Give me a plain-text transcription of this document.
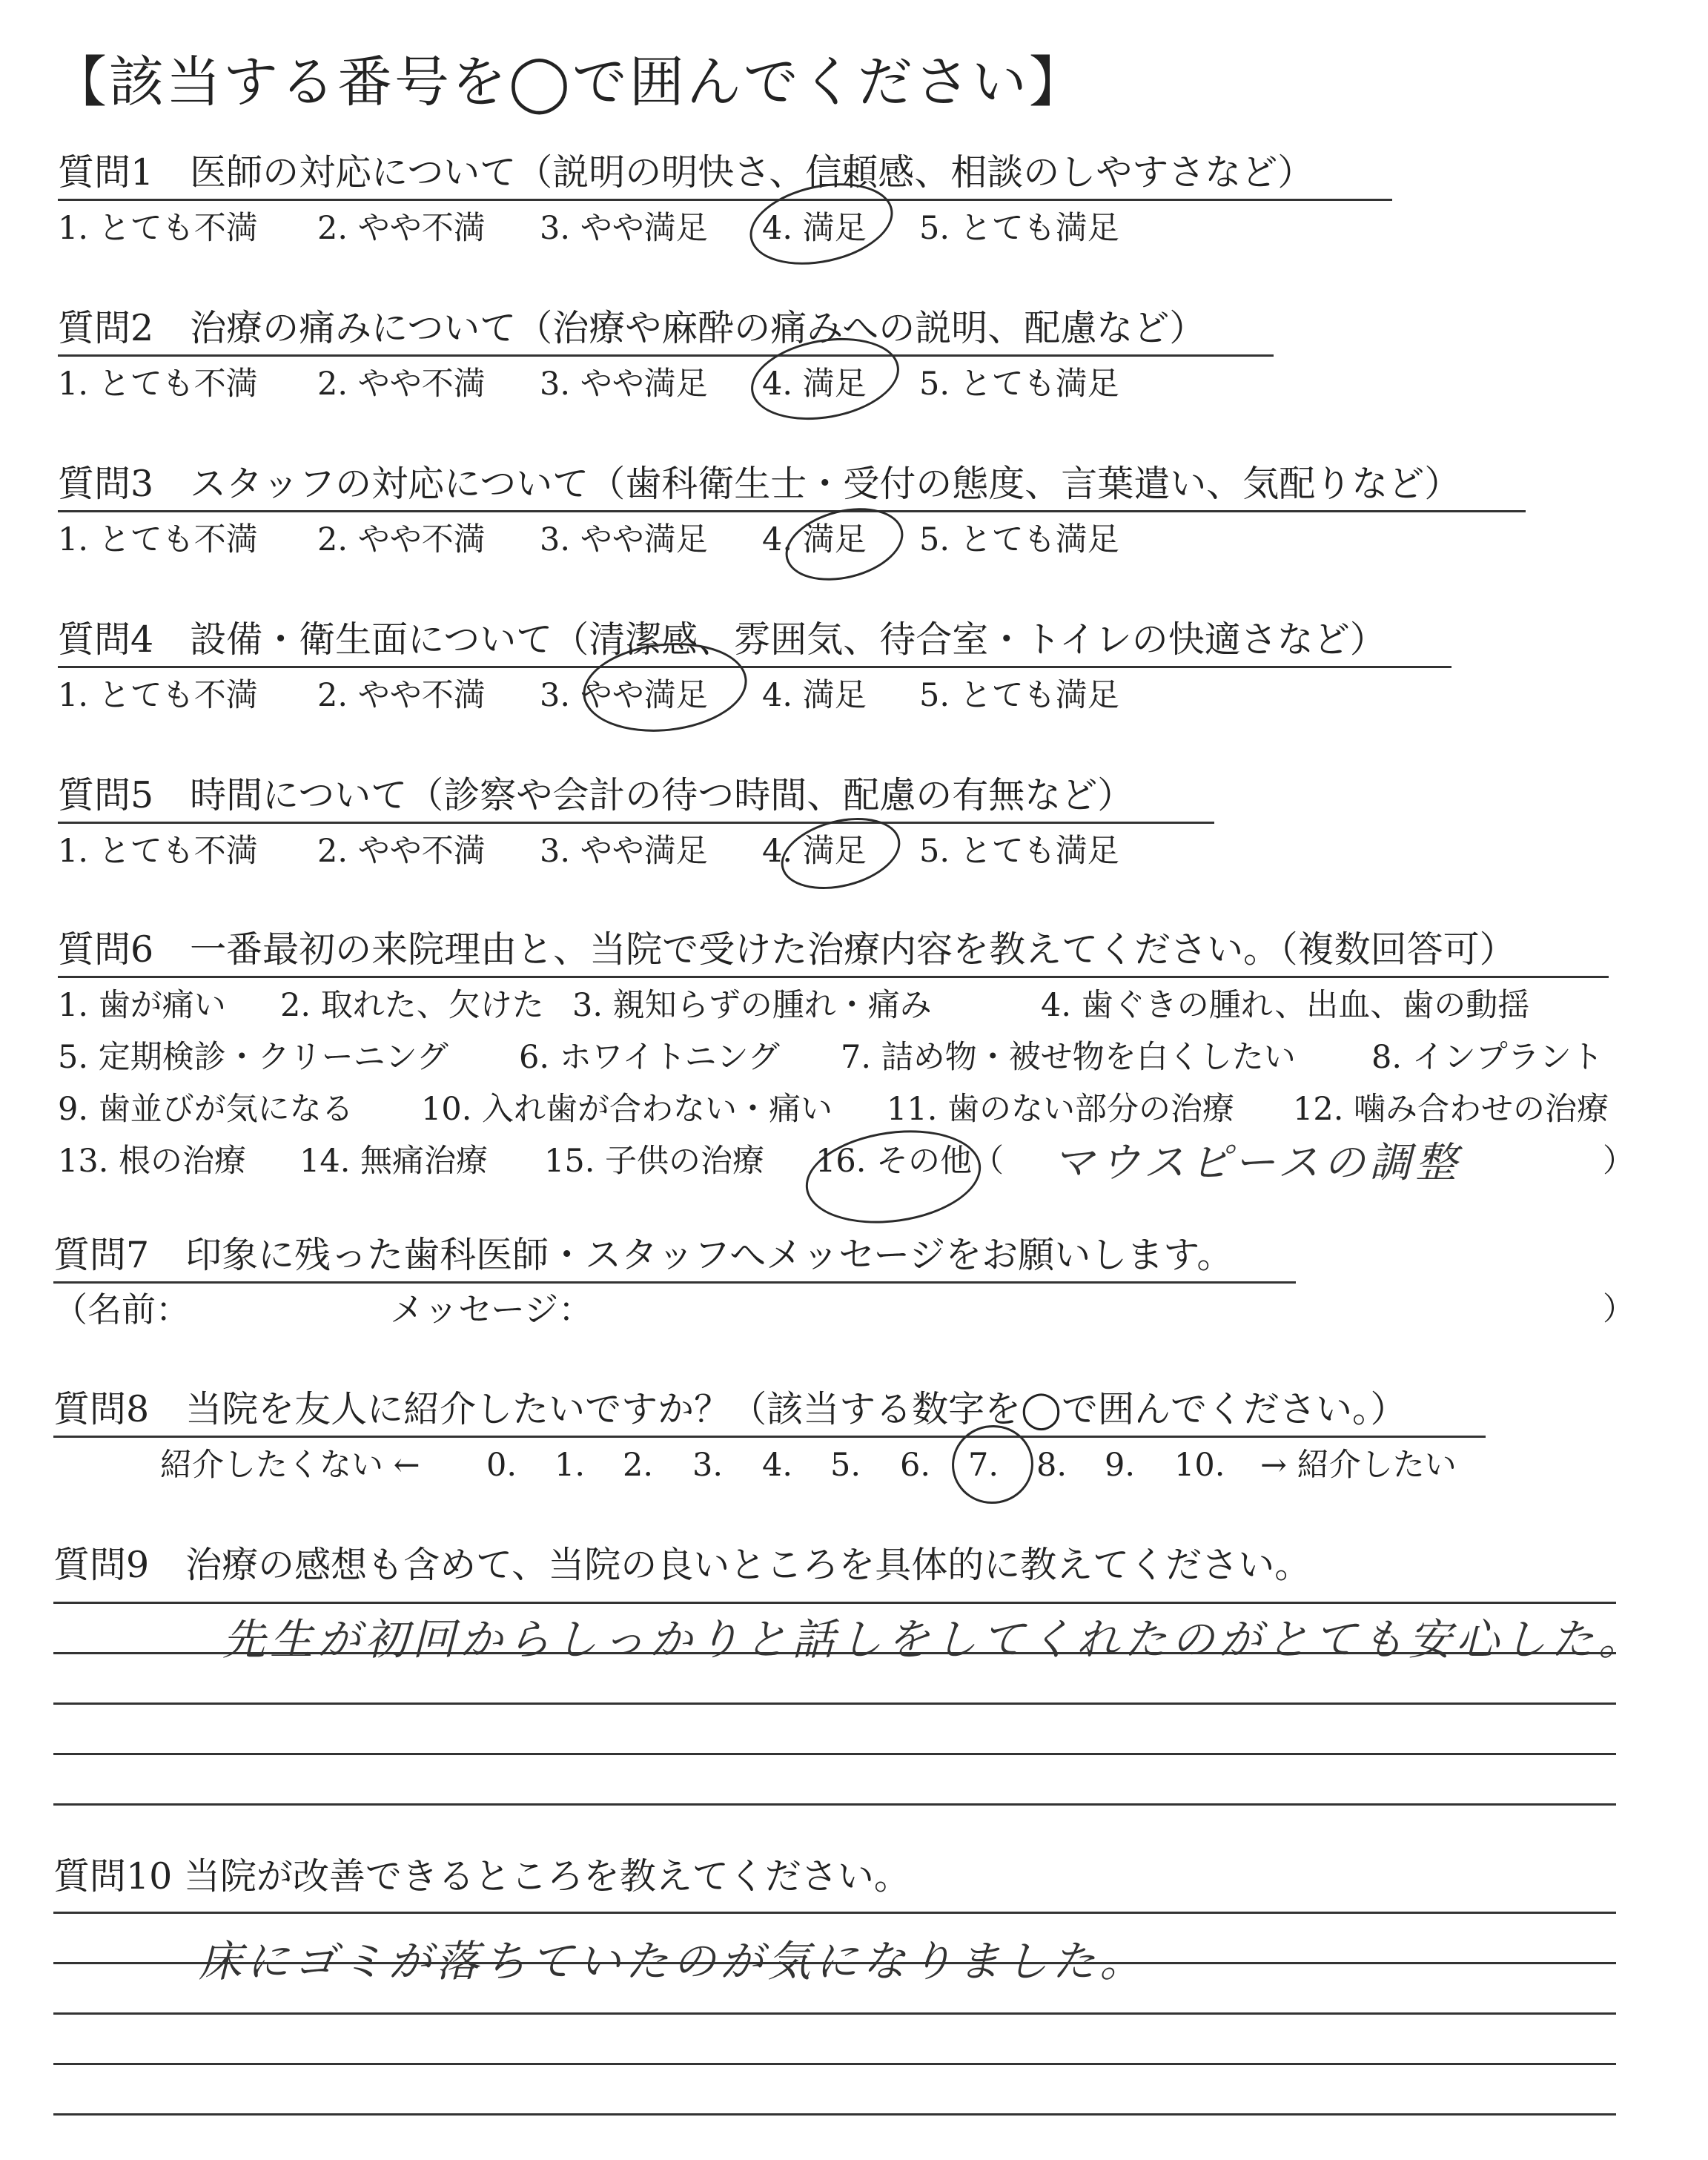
【該当する番号を◯で囲んでください】
質問1　医師の対応について（説明の明快さ、信頼感、相談のしやすさなど）
1. とても不満 2. やや不満 3. やや満足 4. 満足 5. とても満足
質問2　治療の痛みについて（治療や麻酔の痛みへの説明、配慮など）
1. とても不満 2. やや不満 3. やや満足 4. 満足 5. とても満足
質問3　スタッフの対応について（歯科衛生士・受付の態度、言葉遣い、気配りなど）
1. とても不満 2. やや不満 3. やや満足 4. 満足 5. とても満足
質問4　設備・衛生面について（清潔感、雰囲気、待合室・トイレの快適さなど）
1. とても不満 2. やや不満 3. やや満足 4. 満足 5. とても満足
質問5　時間について（診察や会計の待つ時間、配慮の有無など）
1. とても不満 2. やや不満 3. やや満足 4. 満足 5. とても満足
質問6　一番最初の来院理由と、当院で受けた治療内容を教えてください。（複数回答可）
1. 歯が痛い 2. 取れた、欠けた 3. 親知らずの腫れ・痛み	4. 歯ぐきの腫れ、出血、歯の動揺
5. 定期検診・クリーニング 6. ホワイトニング 7. 詰め物・被せ物を白くしたい 8. インプラント
9. 歯並びが気になる 10. 入れ歯が合わない・痛い 11. 歯のない部分の治療 12. 噛み合わせの治療
13. 根の治療 14. 無痛治療 15. 子供の治療 16. その他（ マウスピースの調整	）
質問7　印象に残った歯科医師・スタッフへメッセージをお願いします。
（名前：	メッセージ：	）
質問8　当院を友人に紹介したいですか？（該当する数字を◯で囲んでください。）
紹介したくない ← 0. 1. 2. 3. 4. 5. 6. 7. 8. 9. 10. → 紹介したい
質問9　治療の感想も含めて、当院の良いところを具体的に教えてください。
先生が初回からしっかりと話しをしてくれたのがとても安心した。
質問10 当院が改善できるところを教えてください。
床にゴミが落ちていたのが気になりました。
